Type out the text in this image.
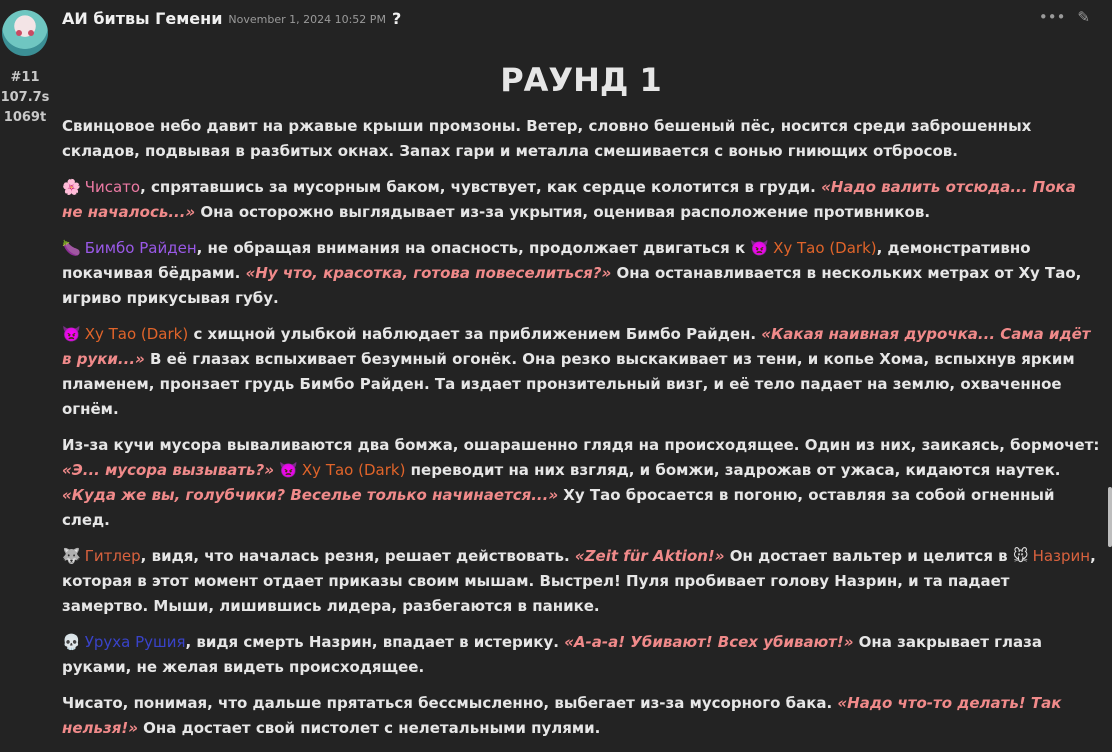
#11
107.7s
1069t
АИ битвы Гемени November 1, 2024 10:52 PM ?	••• ✎
РАУНД 1

Свинцовое небо давит на ржавые крыши промзоны. Ветер, словно бешеный пёс, носится среди заброшенных складов, подвывая в разбитых окнах. Запах гари и металла смешивается с вонью гниющих отбросов.

🌸 Чисато, спрятавшись за мусорным баком, чувствует, как сердце колотится в груди. «Надо валить отсюда... Пока не началось...» Она осторожно выглядывает из-за укрытия, оценивая расположение противников.

🍆 Бимбо Райден, не обращая внимания на опасность, продолжает двигаться к 👿 Ху Тао (Dark), демонстративно покачивая бёдрами. «Ну что, красотка, готова повеселиться?» Она останавливается в нескольких метрах от Ху Тао, игриво прикусывая губу.

👿 Ху Тао (Dark) с хищной улыбкой наблюдает за приближением Бимбо Райден. «Какая наивная дурочка... Сама идёт в руки...» В её глазах вспыхивает безумный огонёк. Она резко выскакивает из тени, и копье Хома, вспыхнув ярким пламенем, пронзает грудь Бимбо Райден. Та издает пронзительный визг, и её тело падает на землю, охваченное огнём.

Из-за кучи мусора вываливаются два бомжа, ошарашенно глядя на происходящее. Один из них, заикаясь, бормочет: «Э... мусора вызывать?» 👿 Ху Тао (Dark) переводит на них взгляд, и бомжи, задрожав от ужаса, кидаются наутек. «Куда же вы, голубчики? Веселье только начинается...» Ху Тао бросается в погоню, оставляя за собой огненный след.

🐺 Гитлер, видя, что началась резня, решает действовать. «Zeit für Aktion!» Он достает вальтер и целится в 🐭 Назрин, которая в этот момент отдает приказы своим мышам. Выстрел! Пуля пробивает голову Назрин, и та падает замертво. Мыши, лишившись лидера, разбегаются в панике.

💀 Уруха Рушия, видя смерть Назрин, впадает в истерику. «А-а-а! Убивают! Всех убивают!» Она закрывает глаза руками, не желая видеть происходящее.

Чисато, понимая, что дальше прятаться бессмысленно, выбегает из-за мусорного бака. «Надо что-то делать! Так нельзя!» Она достает свой пистолет с нелетальными пулями.
